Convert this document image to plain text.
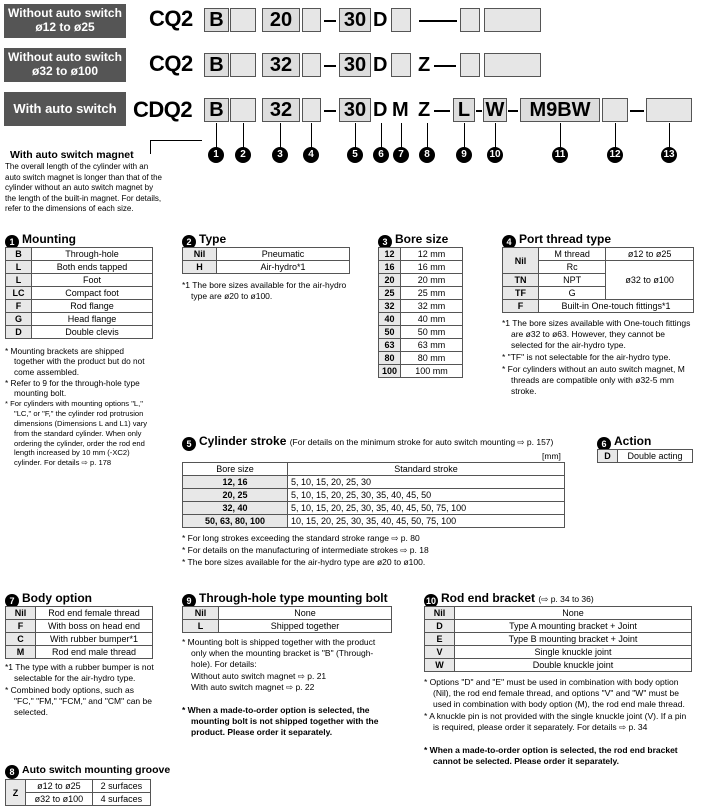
Without auto switch
ø12 to ø25
Without auto switch
ø32 to ø100
With auto switch
CQ2 B	20	30 D
CQ2 B	32	30 D Z
CDQ2 B	32	30 D M Z L W	M9BW
1	2	3	4	5	6	7	8	9	10	11	12	13
With auto switch magnet
The overall length of the cylinder with an auto switch magnet is longer than that of the cylinder without an auto switch magnet by the length of the built-in magnet. For details, refer to the dimensions of each size.
1 Mounting
B	Through-hole
L	Both ends tapped
L	Foot
LC	Compact foot
F	Rod flange
G	Head flange
D	Double clevis

* Mounting brackets are shipped together with the product but do not come assembled.

* Refer to 9 for the through-hole type mounting bolt.

* For cylinders with mounting options "L," "LC," or "F," the cylinder rod protrusion dimensions (Dimensions L and L1) vary from the standard cylinder. When only ordering the cylinder, order the rod end length increased by 10 mm (-XC2) cylinder. For details ⇨ p. 178

2 Type
Nil	Pneumatic
H	Air-hydro*1

*1 The bore sizes available for the air-hydro type are ø20 to ø100.

3 Bore size
12	12 mm
16	16 mm
20	20 mm
25	25 mm
32	32 mm
40	40 mm
50	50 mm
63	63 mm
80	80 mm
100	100 mm
4 Port thread type
Nil	M thread	ø12 to ø25
	Rc	ø32 to ø100
TN	NPT	
TF	G	
F	Built-in One-touch fittings*1	

*1 The bore sizes available with One-touch fittings are ø32 to ø63. However, they cannot be selected for the air-hydro type.

* "TF" is not selectable for the air-hydro type.

* For cylinders without an auto switch magnet, M threads are compatible only with ø32-5 mm stroke.

5 Cylinder stroke (For details on the minimum stroke for auto switch mounting ⇨ p. 157)
[mm]
Bore size	Standard stroke
12, 16	5, 10, 15, 20, 25, 30
20, 25	5, 10, 15, 20, 25, 30, 35, 40, 45, 50
32, 40	5, 10, 15, 20, 25, 30, 35, 40, 45, 50, 75, 100
50, 63, 80, 100	10, 15, 20, 25, 30, 35, 40, 45, 50, 75, 100

* For long strokes exceeding the standard stroke range ⇨ p. 80

* For details on the manufacturing of intermediate strokes ⇨ p. 18

* The bore sizes available for the air-hydro type are ø20 to ø100.

6 Action
D	Double acting
7 Body option
Nil	Rod end female thread
F	With boss on head end
C	With rubber bumper*1
M	Rod end male thread

*1 The type with a rubber bumper is not selectable for the air-hydro type.

* Combined body options, such as "FC," "FM," "FCM," and "CM" can be selected.

8 Auto switch mounting groove
Z	ø12 to ø25	2 surfaces
	ø32 to ø100	4 surfaces
9 Through-hole type mounting bolt
Nil	None
L	Shipped together

* Mounting bolt is shipped together with the product only when the mounting bracket is "B" (Through-hole). For details:

Without auto switch magnet ⇨ p. 21
With auto switch magnet ⇨ p. 22

* When a made-to-order option is selected, the mounting bolt is not shipped together with the product. Please order it separately.

10 Rod end bracket (⇨ p. 34 to 36)
Nil	None
D	Type A mounting bracket + Joint
E	Type B mounting bracket + Joint
V	Single knuckle joint
W	Double knuckle joint

* Options "D" and "E" must be used in combination with body option (Nil), the rod end female thread, and options "V" and "W" must be used in combination with body option (M), the rod end male thread.

* A knuckle pin is not provided with the single knuckle joint (V). If a pin is required, please order it separately. For details ⇨ p. 34

* When a made-to-order option is selected, the rod end bracket cannot be selected. Please order it separately.
